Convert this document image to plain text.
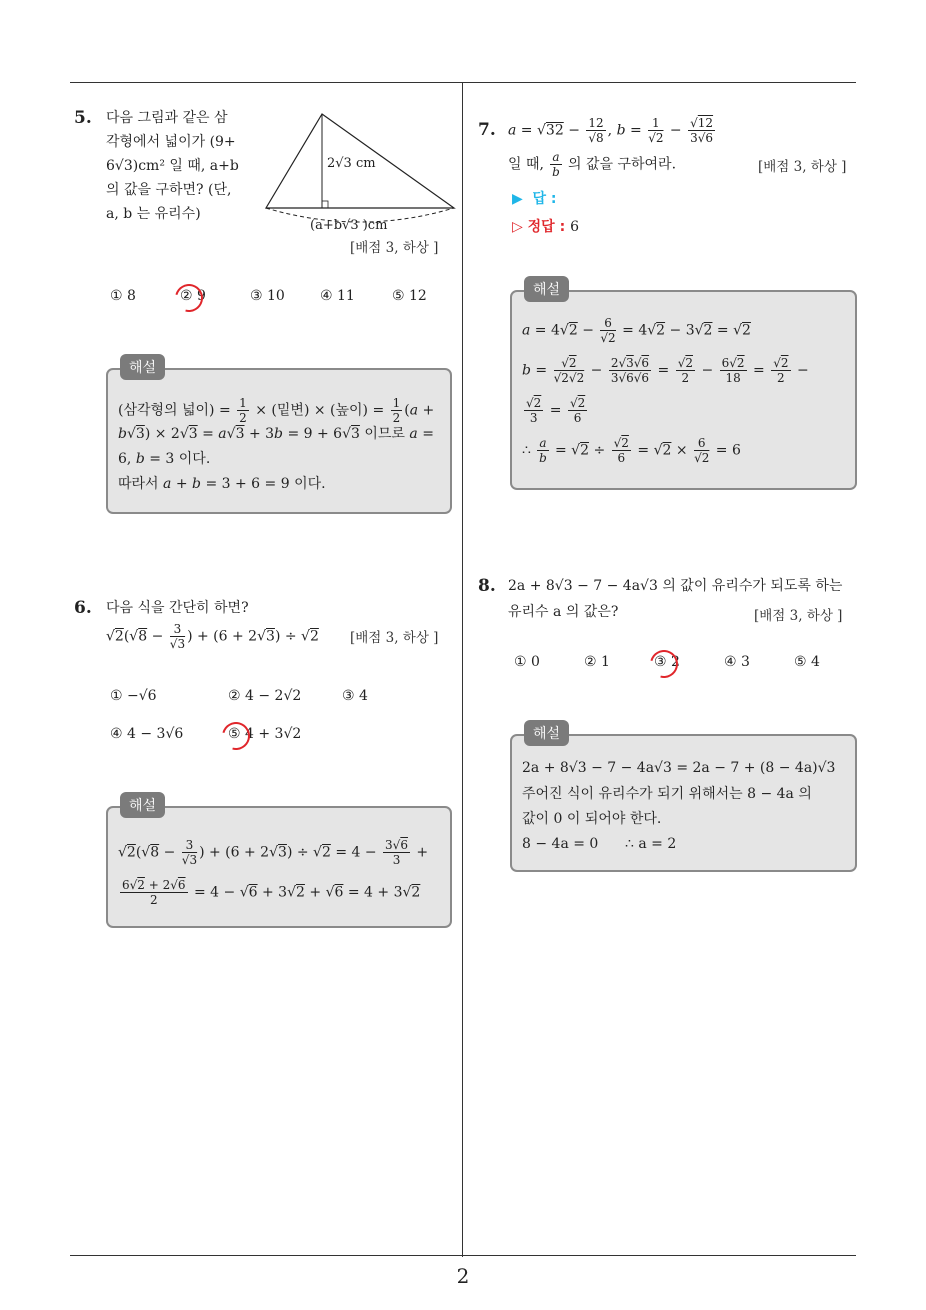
2
5. 다음 그림과 같은 삼
각형에서 넓이가 (9+
6√3)cm² 일 때, a+b
의 값을 구하면? (단,
a, b 는 유리수)
2√3 cm
(a+b√3 )cm
[배점 3, 하상 ]
① 8	② 9	③ 10	④ 11	⑤ 12
해설
(삼각형의 넓이) = $\frac{1}{2}$ × (밑변) × (높이) = $\frac{1}{2} (a$ +
b√3) × 2√3 = a√3 + 3b = 9 + 6√3 이므로 a =
6, b = 3 이다.
따라서 a + b = 3 + 6 = 9 이다.
6. 다음 식을 간단히 하면?
$√2(√8 - \frac{3}{√3}$ ) + (6 + 2√3) ÷ √2 [배점 3, 하상 ]
① −√6	② 4 − 2√2	③ 4
④ 4 − 3√6	⑤ 4 + 3√2
해설
$√2(√8 - \frac{3}{√3}$ ) + $(6 + 2√3) \div √2 = 4 - \frac{3√6}{3}$ +
$\frac{6√2 + 2√6}{2} = 4 - √6 + 3√2 + √6 = 4 + 3√2$
7. $a = √32 - \frac{12}{√8}$ , $b = \frac{1}{√2} - \frac{√12}{3√6}$
일 때, $\frac{a}{b}$ 의 값을 구하여라.	[배점 3, 하상 ]
▶ 답 :
▷ 정답 : 6
해설
$a = 4√2 - \frac{6}{√2} = 4√2 - 3√2 = √2$
$b = \frac{√2}{√2√2} - \frac{2√3√6}{3√6√6} = \frac{√2}{2} - \frac{6√2}{18} = \frac{√2}{2}$ −
$\frac{√2}{3} = \frac{√2}{6}$
∴ $\frac{a}{b} = √2 \div \frac{√2}{6} = √2 \times \frac{6}{√2} = 6$
8. 2a + 8√3 − 7 − 4a√3 의 값이 유리수가 되도록 하는
유리수 a 의 값은?	[배점 3, 하상 ]
① 0	② 1	③ 2	④ 3	⑤ 4
해설
2a + 8√3 − 7 − 4a√3 = 2a − 7 + (8 − 4a)√3
주어진 식이 유리수가 되기 위해서는 8 − 4a 의
값이 0 이 되어야 한다.
8 − 4a = 0      ∴ a = 2
